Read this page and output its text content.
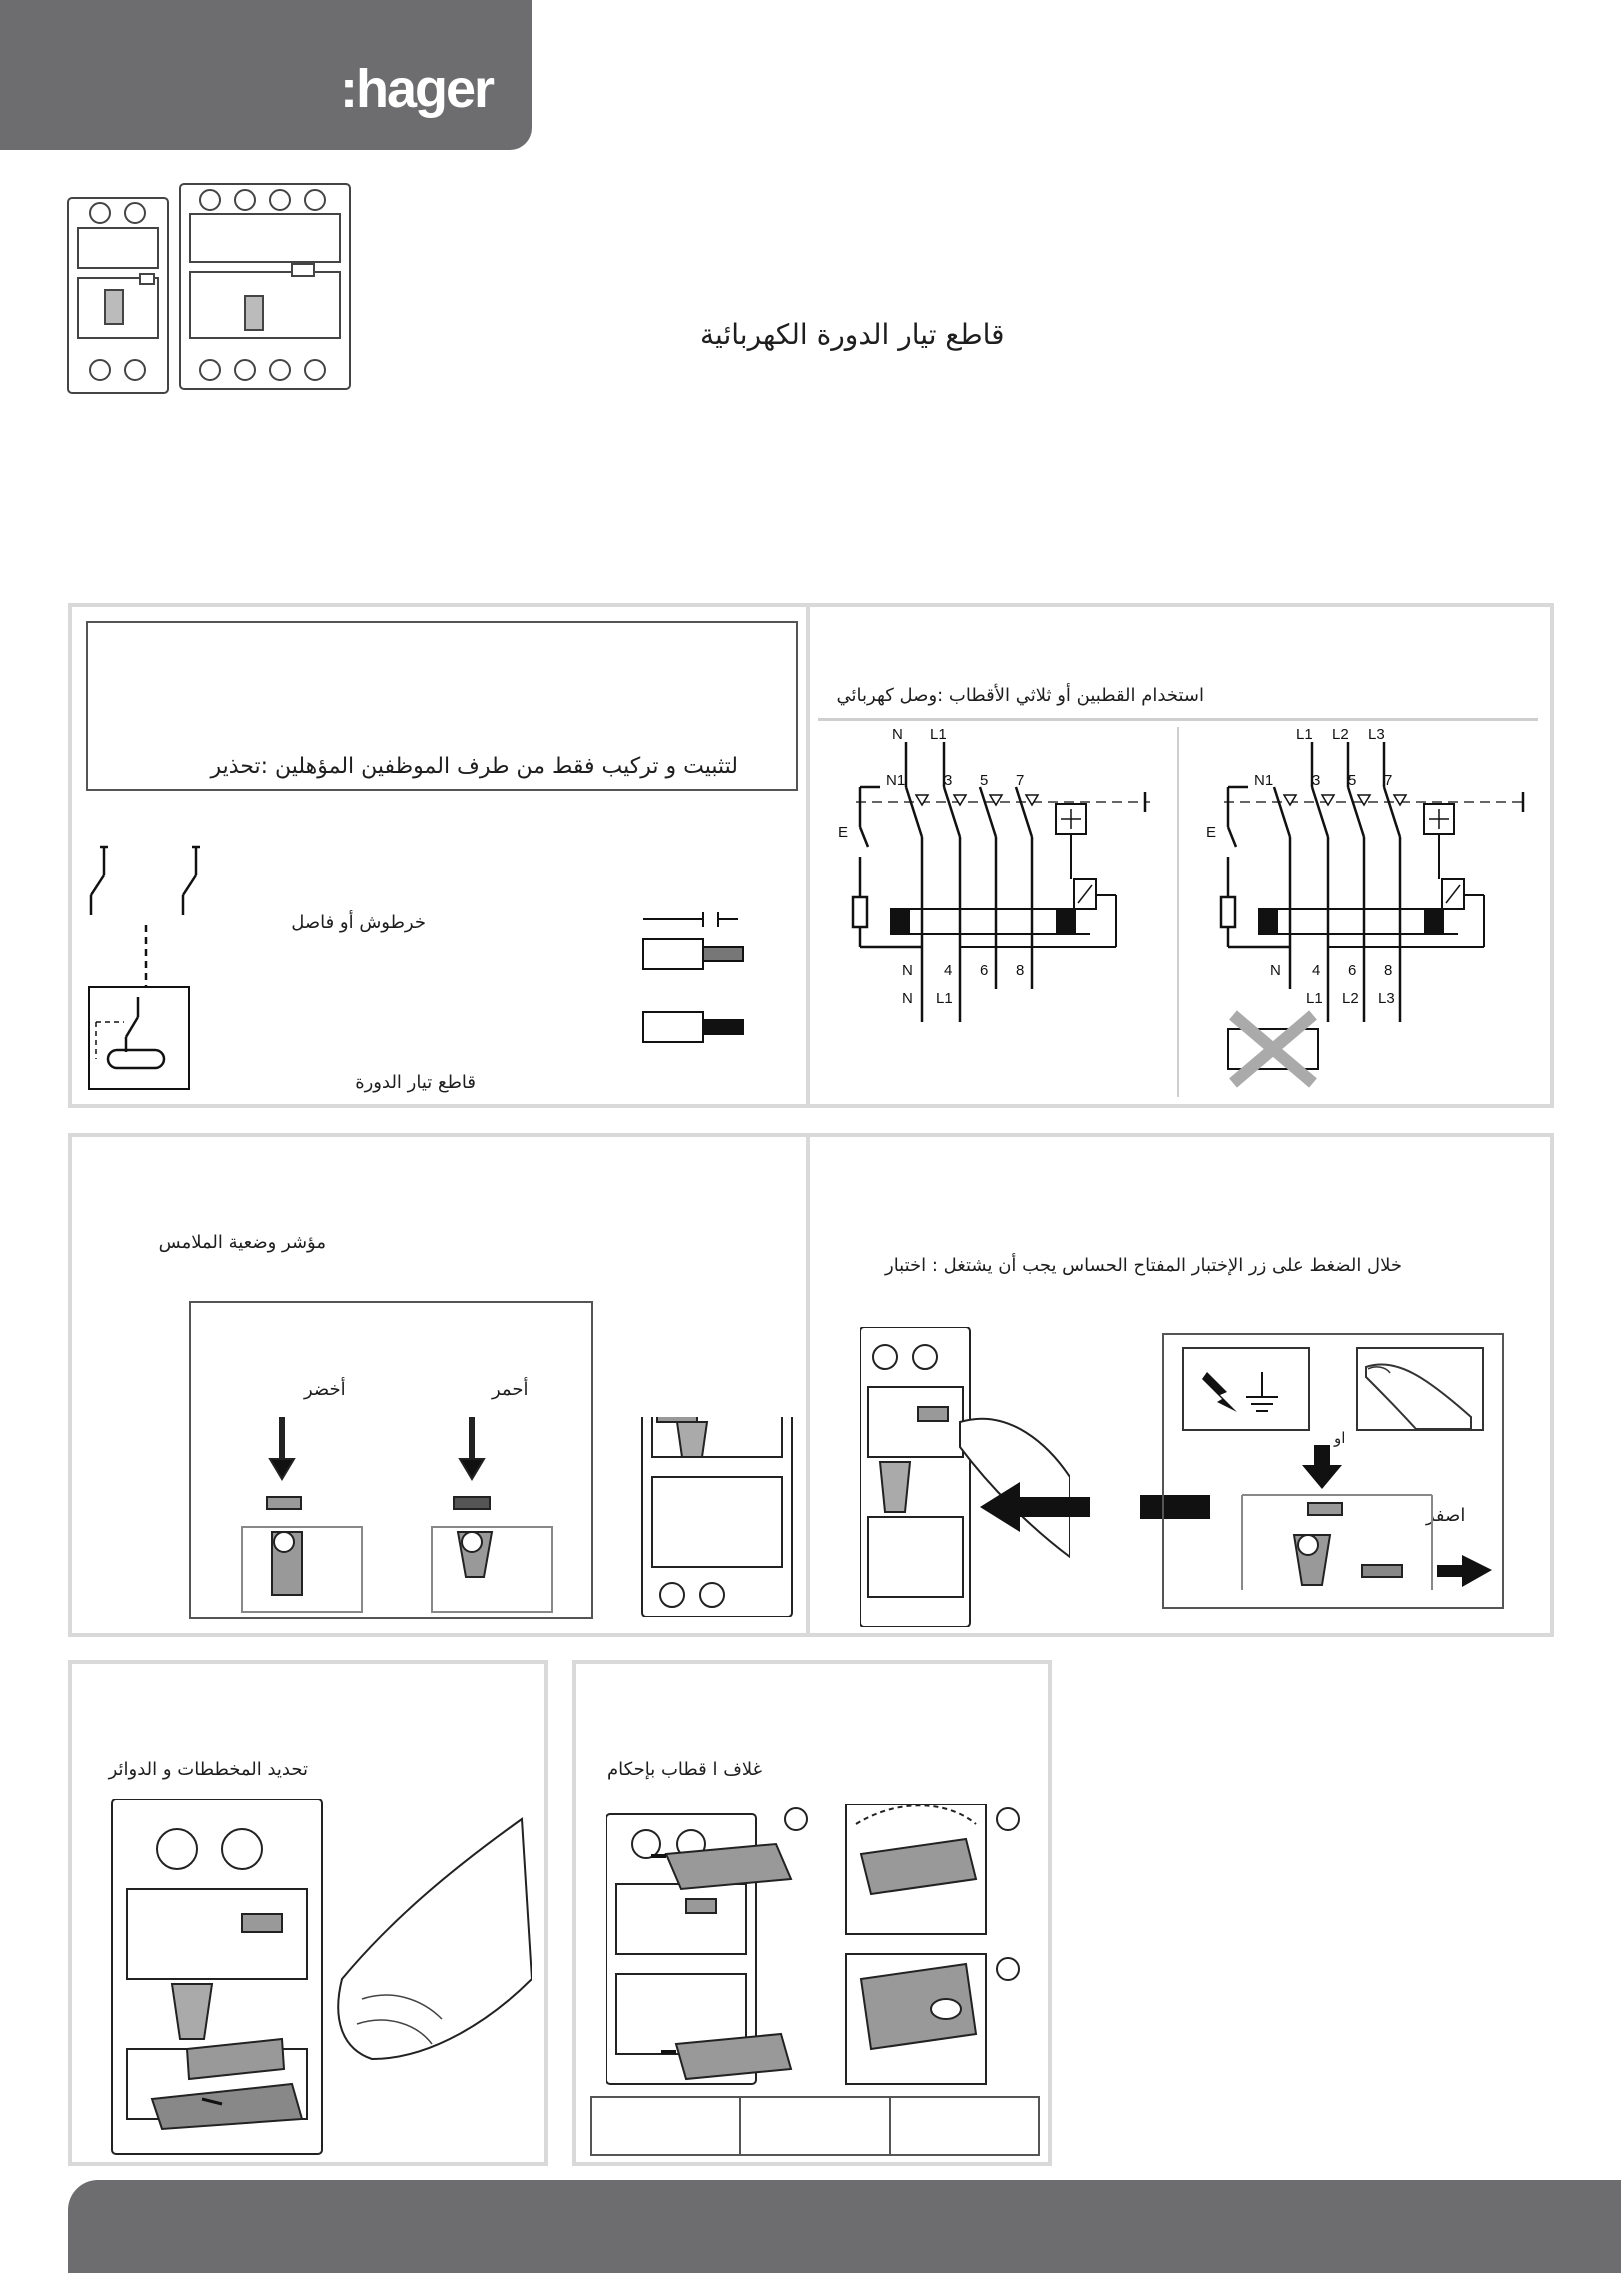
:hager
قاطع تيار الدورة الكهربائية
لتثبيت و تركيب فقط من طرف الموظفين المؤهلين :تحذير
خرطوش أو فاصل
قاطع تيار الدورة
استخدام القطبين أو ثلاثي الأقطاب :وصل كهربائي
N L1
N1	3 5 7
E
N 4 6 8
N L1
L1 L2 L3
N1	3 5 7
E
N 4 6 8
L1 L2 L3
مؤشر وضعية الملامس
أخضر	أحمر
خلال الضغط على زر الإختبار المفتاح الحساس يجب أن يشتغل : اختبار
او
اصفر
تحديد المخططات و الدوائر	غلاف ا قطاب بإحكام
